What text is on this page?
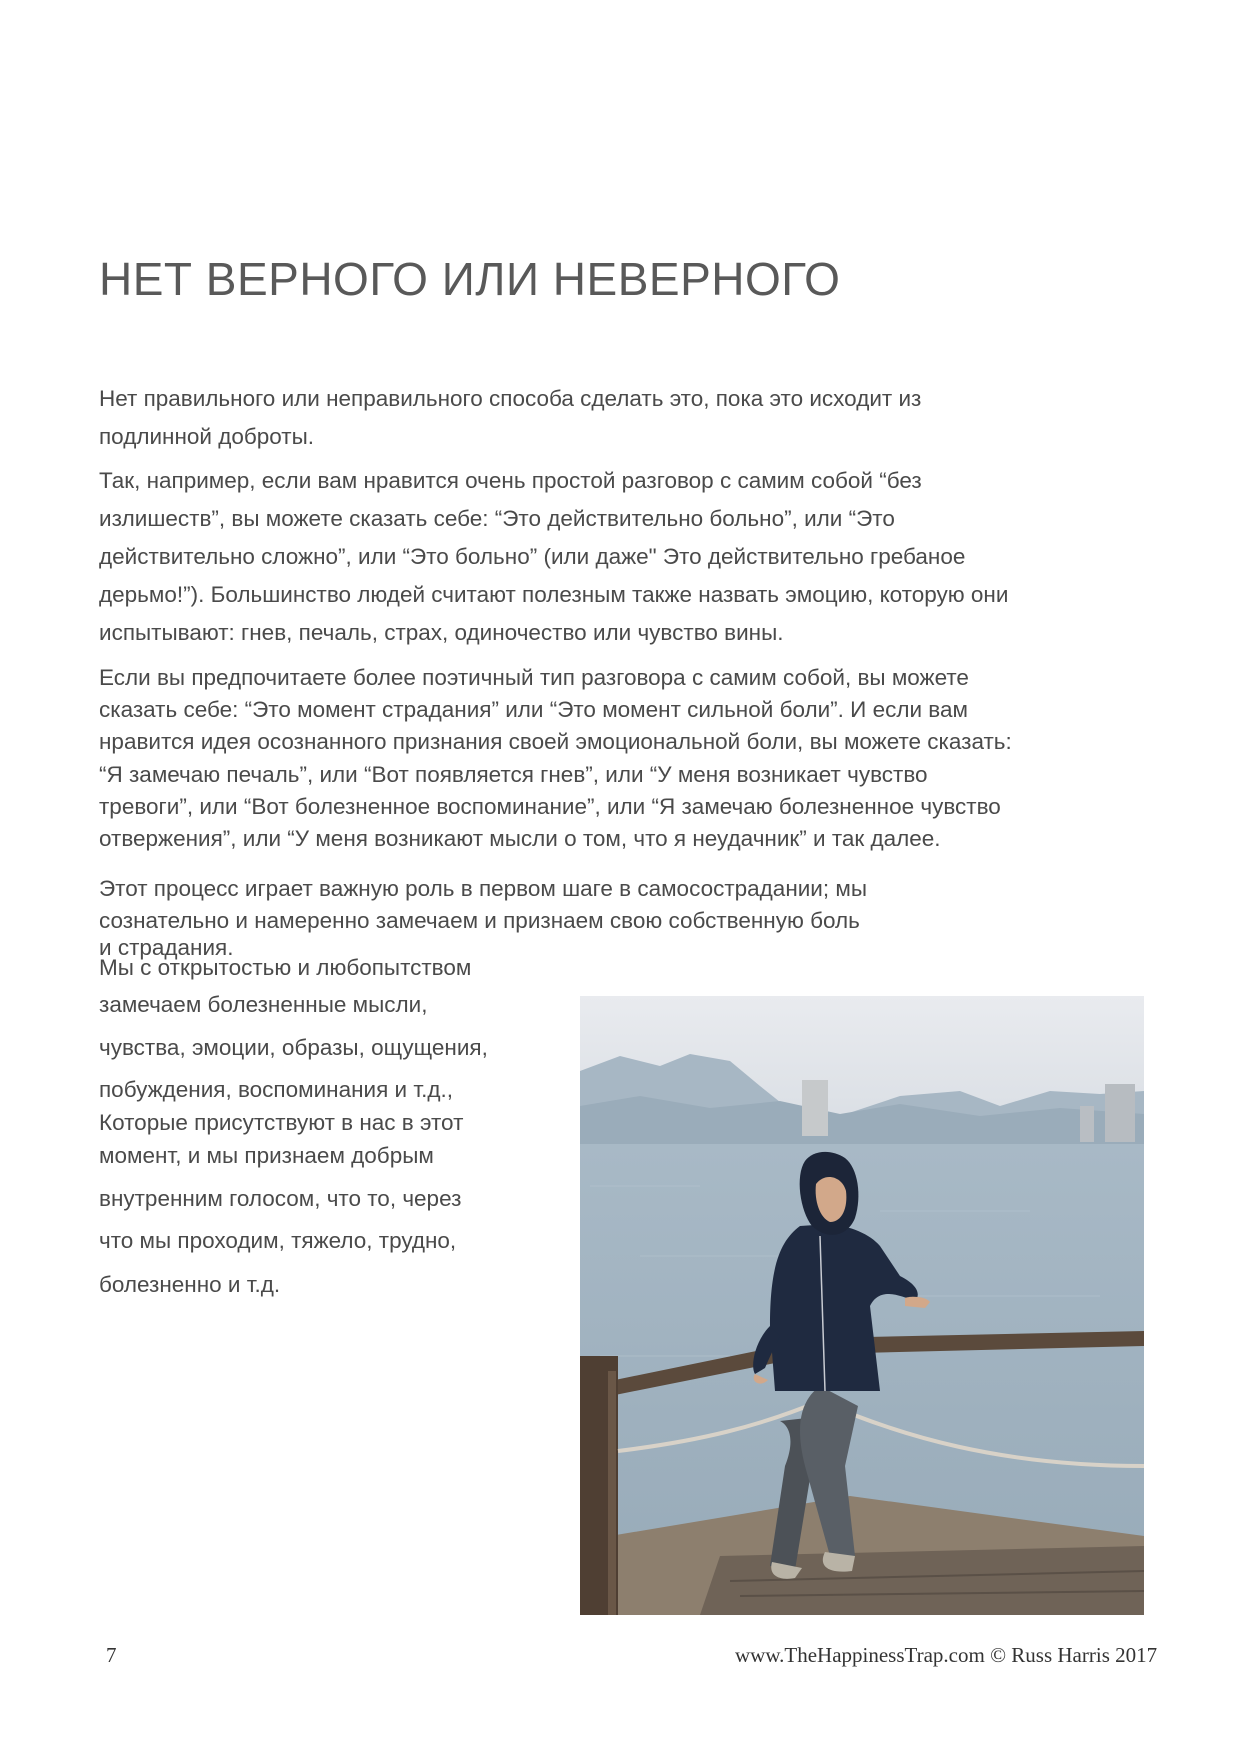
НЕТ ВЕРНОГО ИЛИ НЕВЕРНОГО
Нет правильного или неправильного способа сделать это, пока это исходит из
подлинной доброты.
Так, например, если вам нравится очень простой разговор с самим собой “без
излишеств”, вы можете сказать себе: “Это действительно больно”, или “Это
действительно сложно”, или “Это больно” (или даже" Это действительно гребаное
дерьмо!”). Большинство людей считают полезным также назвать эмоцию, которую они
испытывают: гнев, печаль, страх, одиночество или чувство вины.
Если вы предпочитаете более поэтичный тип разговора с самим собой, вы можете
сказать себе: “Это момент страдания” или “Это момент сильной боли”. И если вам
нравится идея осознанного признания своей эмоциональной боли, вы можете сказать:
“Я замечаю печаль”, или “Вот появляется гнев”, или “У меня возникает чувство
тревоги”, или “Вот болезненное воспоминание”, или “Я замечаю болезненное чувство
отвержения”, или “У меня возникают мысли о том, что я неудачник” и так далее.
Этот процесс играет важную роль в первом шаге в самосострадании; мы
сознательно и намеренно замечаем и признаем свою собственную боль
и страдания.
Мы с открытостью и любопытством
замечаем болезненные мысли,
чувства, эмоции, образы, ощущения,
побуждения, воспоминания и т.д.,
Которые присутствуют в нас в этот
момент, и мы признаем добрым
внутренним голосом, что то, через
что мы проходим, тяжело, трудно,
болезненно и т.д.
7	www.TheHappinessTrap.com © Russ Harris 2017
